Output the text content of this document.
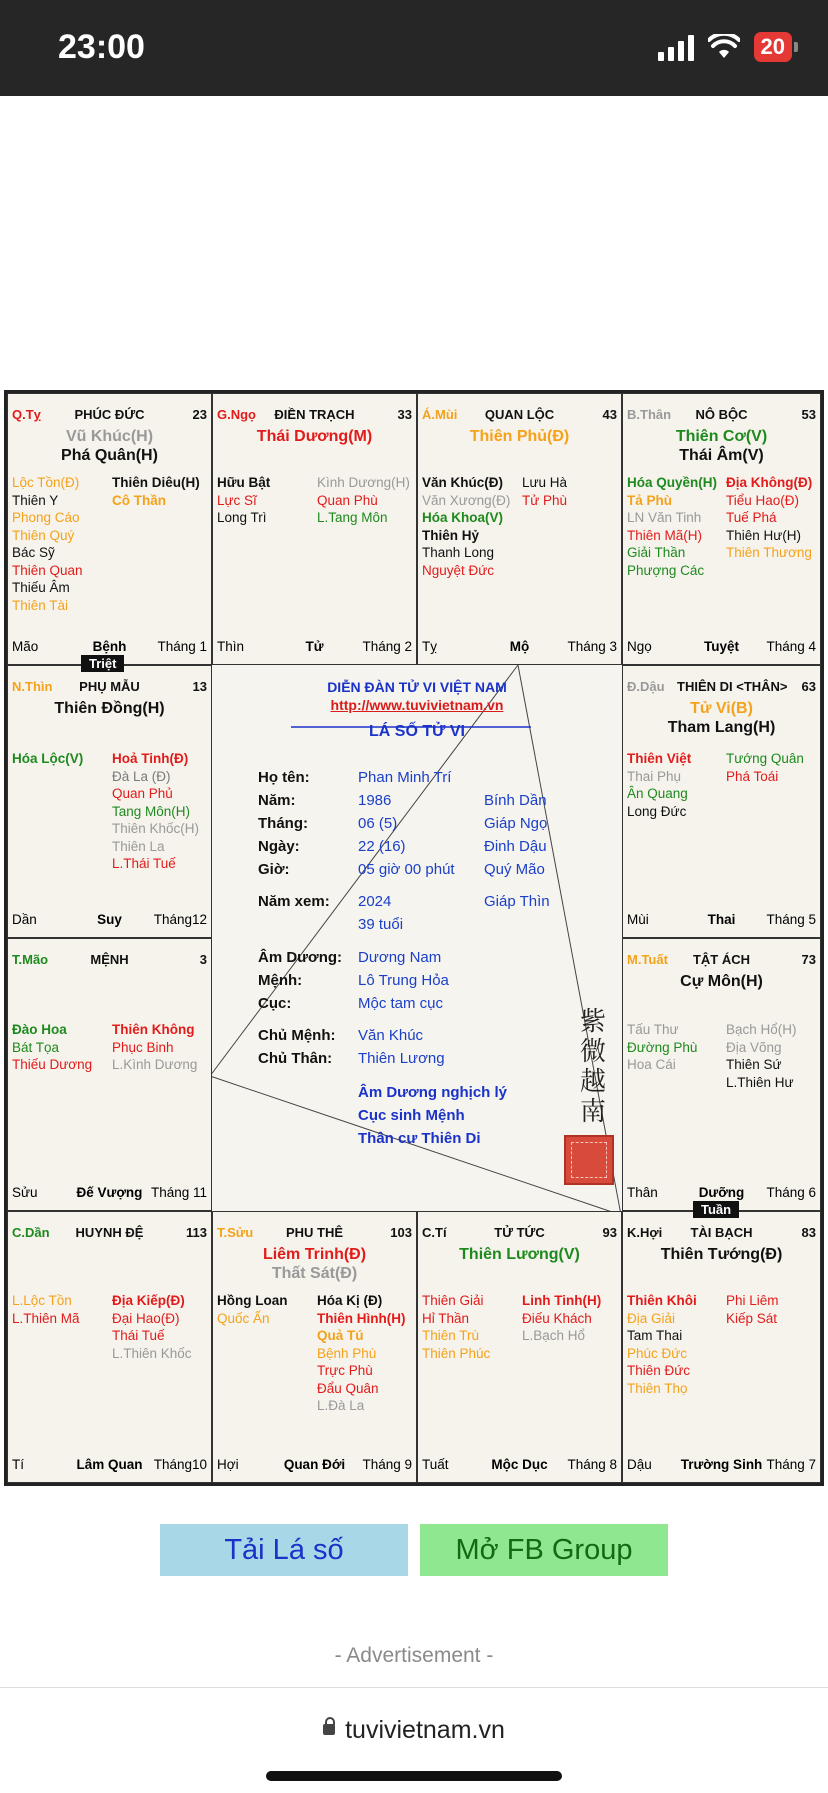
23:00	20
Q.Tỵ	PHÚC ĐỨC	23
Vũ Khúc(H)
Phá Quân(H)
Lộc Tồn(Đ)
Thiên Y
Phong Cáo
Thiên Quý
Bác Sỹ
Thiên Quan
Thiếu Âm
Thiên Tài
Thiên Diêu(H)
Cô Thần
Mão	Bệnh	Tháng 1
G.Ngọ	ĐIỀN TRẠCH	33
Thái Dương(M)
Hữu Bật
Lực Sĩ
Long Trì
Kình Dương(H)
Quan Phù
L.Tang Môn
Thìn	Tử	Tháng 2
Á.Mùi	QUAN LỘC	43
Thiên Phủ(Đ)
Văn Khúc(Đ)
Văn Xương(Đ)
Hóa Khoa(V)
Thiên Hỷ
Thanh Long
Nguyệt Đức
Lưu Hà
Tử Phù
Tỵ	Mộ	Tháng 3
B.Thân	NÔ BỘC	53
Thiên Cơ(V)
Thái Âm(V)
Hóa Quyền(H)
Tả Phù
LN Văn Tinh
Thiên Mã(H)
Giải Thần
Phượng Các
Địa Không(Đ)
Tiểu Hao(Đ)
Tuế Phá
Thiên Hư(H)
Thiên Thương
Ngọ	Tuyệt	Tháng 4
N.Thìn	PHỤ MẪU	13
Thiên Đồng(H)
Hóa Lộc(V) Hoả Tinh(Đ)
Đà La (Đ)
Quan Phủ
Tang Môn(H)
Thiên Khốc(H)
Thiên La
L.Thái Tuế
Dần	Suy	Tháng12
Đ.Dậu THIÊN DI <THÂN>	63
Tử Vi(B)
Tham Lang(H)
Thiên Việt
Thai Phụ
Ân Quang
Long Đức
Tướng Quân
Phá Toái
Mùi	Thai	Tháng 5
T.Mão	MỆNH	3
Đào Hoa
Bát Tọa
Thiếu Dương
Thiên Không
Phục Binh
L.Kình Dương
Sửu	Đế Vượng Tháng 11
M.Tuất	TẬT ÁCH	73
Cự Môn(H)
Tấu Thư
Đường Phù
Hoa Cái
Bạch Hổ(H)
Địa Võng
Thiên Sứ
L.Thiên Hư
Thân	Dưỡng	Tháng 6
C.Dần	HUYNH ĐỆ	113
L.Lộc Tồn
L.Thiên Mã
Địa Kiếp(Đ)
Đại Hao(Đ)
Thái Tuế
L.Thiên Khốc
Tí	Lâm Quan Tháng10
T.Sửu	PHU THÊ	103
Liêm Trinh(Đ)
Thất Sát(Đ)
Hồng Loan
Quốc Ấn
Hóa Kị (Đ)
Thiên Hình(H)
Quả Tú
Bệnh Phù
Trực Phù
Đẩu Quân
L.Đà La
Hợi	Quan Đới	Tháng 9
C.Tí	TỬ TỨC	93
Thiên Lương(V)
Thiên Giải
Hỉ Thần
Thiên Trù
Thiên Phúc
Linh Tinh(H)
Điếu Khách
L.Bạch Hổ
Tuất	Mộc Dục	Tháng 8
K.Hợi	TÀI BẠCH	83
Thiên Tướng(Đ)
Thiên Khôi
Địa Giải
Tam Thai
Phúc Đức
Thiên Đức
Thiên Thọ
Phi Liêm
Kiếp Sát
Dậu	Trường Sinh Tháng 7
Triệt
Tuần
DIỄN ĐÀN TỬ VI VIỆT NAM
http://www.tuvivietnam.vn
LÁ SỐ TỬ VI
Họ tên:	Phan Minh Trí
Năm:	1986	Bính Dần
Tháng:	06 (5)	Giáp Ngọ
Ngày:	22 (16)	Đinh Dậu
Giờ:	05 giờ 00 phút Quý Mão
Năm xem: 2024	Giáp Thìn
39 tuổi
Âm Dương: Dương Nam
Mệnh:	Lô Trung Hỏa
Cục:	Mộc tam cục
Chủ Mệnh: Văn Khúc
Chủ Thân: Thiên Lương
Âm Dương nghịch lý
Cục sinh Mệnh
Thân cư Thiên Di
紫
微
越
南
Tải Lá số	Mở FB Group
- Advertisement -
tuvivietnam.vn
